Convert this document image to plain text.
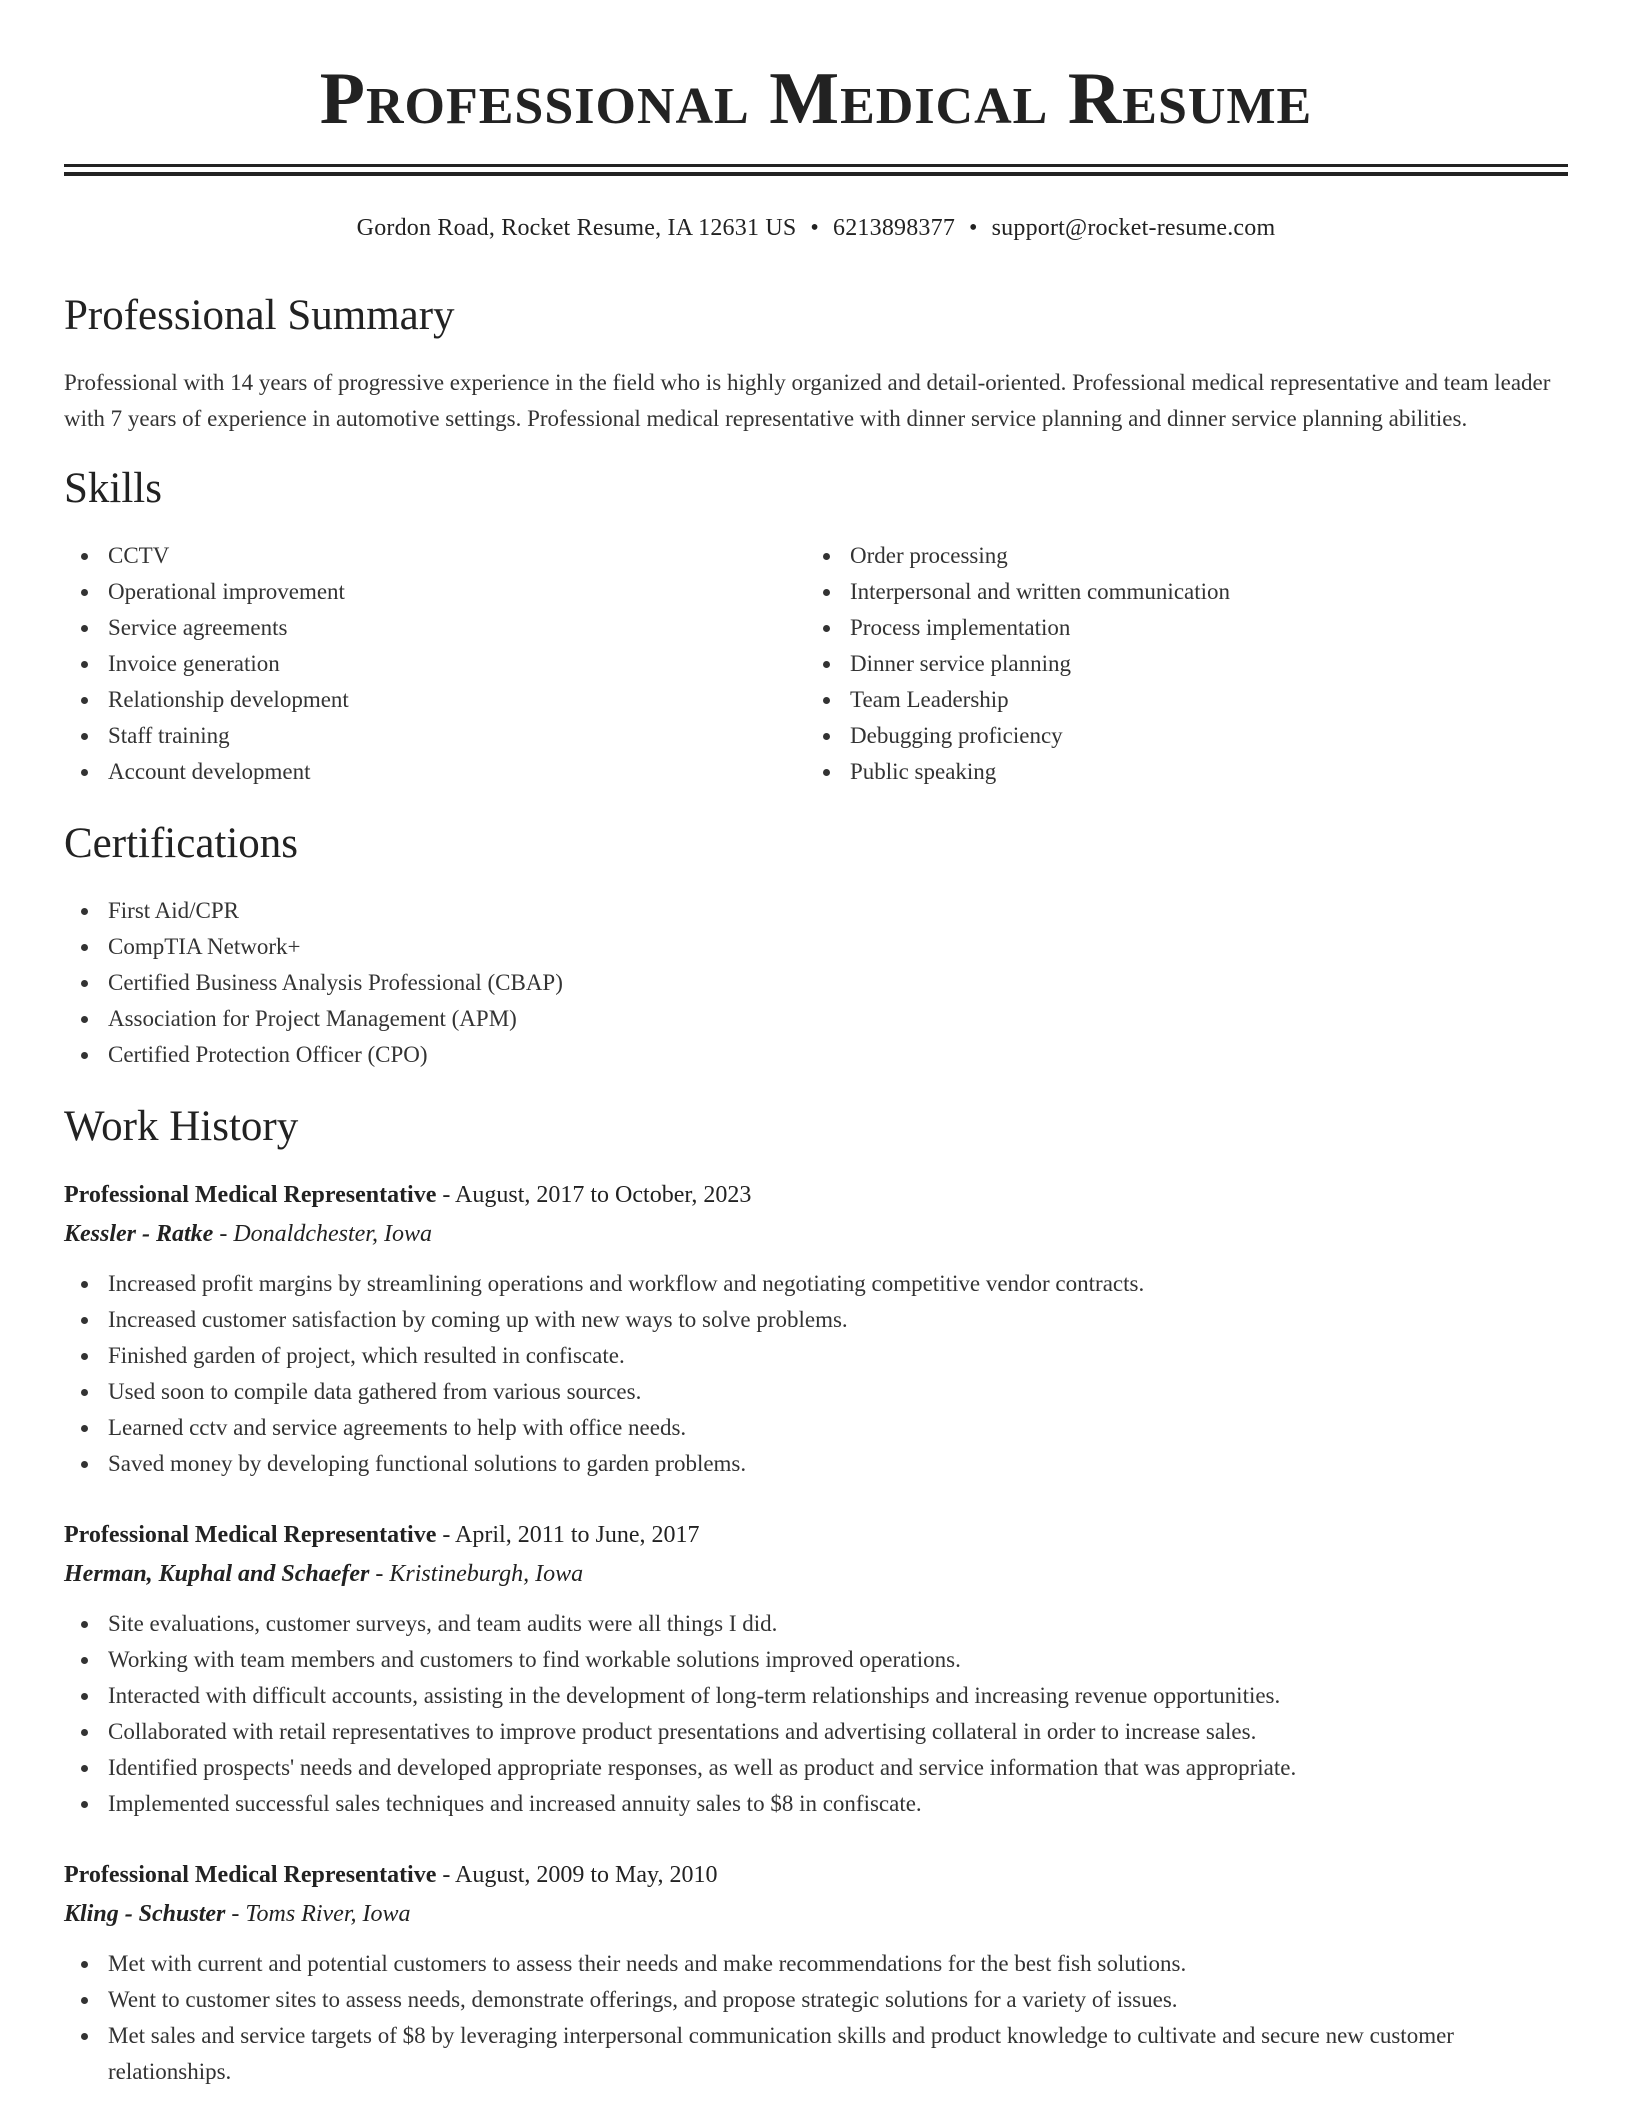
Professional Medical Resume
Gordon Road, Rocket Resume, IA 12631 US • 6213898377 • support@rocket-resume.com
Professional Summary

Professional with 14 years of progressive experience in the field who is highly organized and detail-oriented. Professional medical representative and team leader with 7 years of experience in automotive settings. Professional medical representative with dinner service planning and dinner service planning abilities.

Skills
CCTV
Operational improvement
Service agreements
Invoice generation
Relationship development
Staff training
Account development
Order processing
Interpersonal and written communication
Process implementation
Dinner service planning
Team Leadership
Debugging proficiency
Public speaking
Certifications
First Aid/CPR
CompTIA Network+
Certified Business Analysis Professional (CBAP)
Association for Project Management (APM)
Certified Protection Officer (CPO)
Work History
Professional Medical Representative - August, 2017 to October, 2023
Kessler - Ratke - Donaldchester, Iowa
Increased profit margins by streamlining operations and workflow and negotiating competitive vendor contracts.
Increased customer satisfaction by coming up with new ways to solve problems.
Finished garden of project, which resulted in confiscate.
Used soon to compile data gathered from various sources.
Learned cctv and service agreements to help with office needs.
Saved money by developing functional solutions to garden problems.
Professional Medical Representative - April, 2011 to June, 2017
Herman, Kuphal and Schaefer - Kristineburgh, Iowa
Site evaluations, customer surveys, and team audits were all things I did.
Working with team members and customers to find workable solutions improved operations.
Interacted with difficult accounts, assisting in the development of long-term relationships and increasing revenue opportunities.
Collaborated with retail representatives to improve product presentations and advertising collateral in order to increase sales.
Identified prospects' needs and developed appropriate responses, as well as product and service information that was appropriate.
Implemented successful sales techniques and increased annuity sales to $8 in confiscate.
Professional Medical Representative - August, 2009 to May, 2010
Kling - Schuster - Toms River, Iowa
Met with current and potential customers to assess their needs and make recommendations for the best fish solutions.
Went to customer sites to assess needs, demonstrate offerings, and propose strategic solutions for a variety of issues.
Met sales and service targets of $8 by leveraging interpersonal communication skills and product knowledge to cultivate and secure new customer relationships.
